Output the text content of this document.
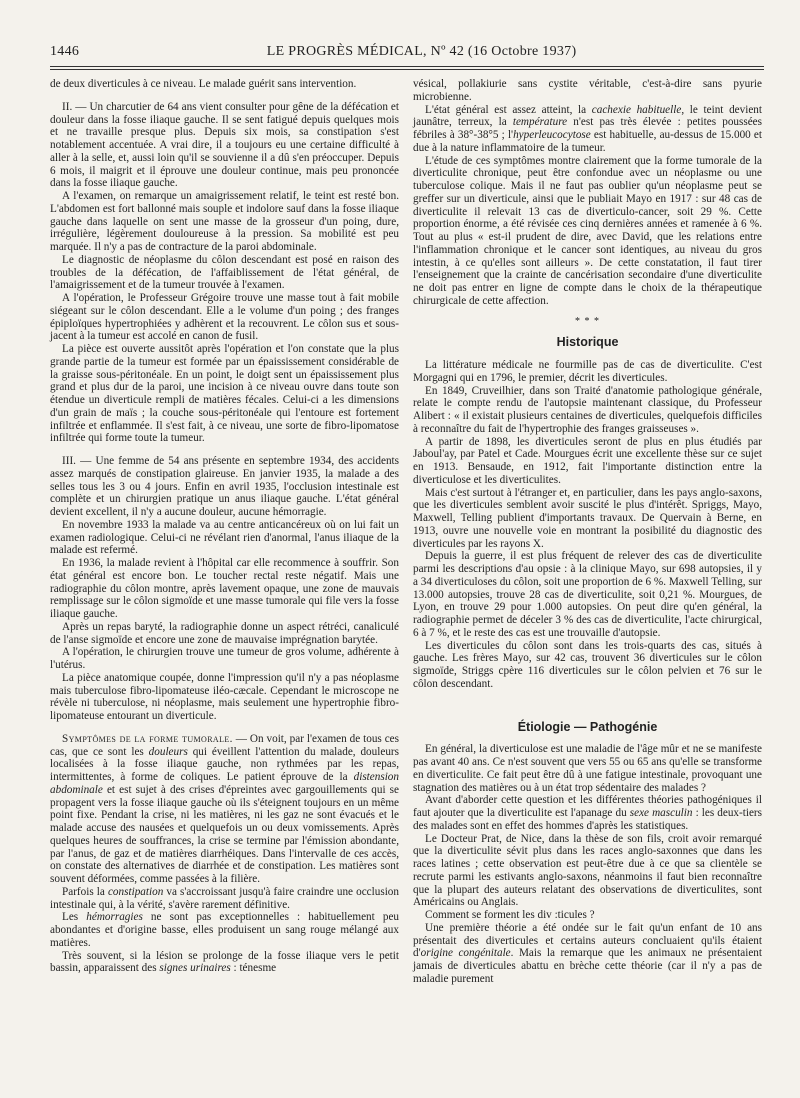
1446	LE PROGRÈS MÉDICAL, Nº 42 (16 Octobre 1937)

de deux diverticules à ce niveau. Le malade guérit sans intervention.

II. — Un charcutier de 64 ans vient consulter pour gêne de la défécation et douleur dans la fosse iliaque gauche. Il se sent fatigué depuis quelques mois et ne travaille presque plus. Depuis six mois, sa constipation s'est notablement accentuée. A vrai dire, il a toujours eu une certaine difficulté à aller à la selle, et, aussi loin qu'il se souvienne il a dû s'en préoccuper. Depuis 6 mois, il maigrit et il éprouve une douleur continue, mais peu prononcée dans la fosse iliaque gauche.

A l'examen, on remarque un amaigrissement relatif, le teint est resté bon. L'abdomen est fort ballonné mais souple et indolore sauf dans la fosse iliaque gauche dans laquelle on sent une masse de la grosseur d'un poing, dure, irrégulière, légèrement douloureuse à la pression. Sa mobilité est peu marquée. Il n'y a pas de contracture de la paroi abdominale.

Le diagnostic de néoplasme du côlon descendant est posé en raison des troubles de la défécation, de l'affaiblissement de l'état général, de l'amaigrissement et de la tumeur trouvée à l'examen.

A l'opération, le Professeur Grégoire trouve une masse tout à fait mobile siégeant sur le côlon descendant. Elle a le volume d'un poing ; des franges épiploïques hypertrophiées y adhèrent et la recouvrent. Le côlon sus et sous-jacent à la tumeur est accolé en canon de fusil.

La pièce est ouverte aussitôt après l'opération et l'on constate que la plus grande partie de la tumeur est formée par un épaississement considérable de la graisse sous-péritonéale. En un point, le doigt sent un épaississement plus grand et plus dur de la paroi, une incision à ce niveau ouvre dans toute son étendue un diverticule rempli de matières fécales. Celui-ci a les dimensions d'un grain de maïs ; la couche sous-péritonéale qui l'entoure est fortement infiltrée et enflammée. Il s'est fait, à ce niveau, une sorte de fibro-lipomatose infiltrée qui forme toute la tumeur.

III. — Une femme de 54 ans présente en septembre 1934, des accidents assez marqués de constipation glaireuse. En janvier 1935, la malade a des selles tous les 3 ou 4 jours. Enfin en avril 1935, l'occlusion intestinale est complète et un chirurgien pratique un anus iliaque gauche. L'état général devient excellent, il n'y a aucune douleur, aucune hémorragie.

En novembre 1933 la malade va au centre anticancéreux où on lui fait un examen radiologique. Celui-ci ne révélant rien d'anormal, l'anus iliaque de la malade est refermé.

En 1936, la malade revient à l'hôpital car elle recommence à souffrir. Son état général est encore bon. Le toucher rectal reste négatif. Mais une radiographie du côlon montre, après lavement opaque, une zone de mauvais remplissage sur le côlon sigmoïde et une masse tumorale qui file vers la fosse iliaque gauche.

Après un repas baryté, la radiographie donne un aspect rétréci, canaliculé de l'anse sigmoïde et encore une zone de mauvaise imprégnation barytée.

A l'opération, le chirurgien trouve une tumeur de gros volume, adhérente à l'utérus.

La pièce anatomique coupée, donne l'impression qu'il n'y a pas néoplasme mais tuberculose fibro-lipomateuse iléo-cæcale. Cependant le microscope ne révèle ni tuberculose, ni néoplasme, mais seulement une hypertrophie fibro-lipomateuse entourant un diverticule.

Symptômes de la forme tumorale. — On voit, par l'examen de tous ces cas, que ce sont les douleurs qui éveillent l'attention du malade, douleurs localisées à la fosse iliaque gauche, non rythmées par les repas, intermittentes, à forme de coliques. Le patient éprouve de la distension abdominale et est sujet à des crises d'épreintes avec gargouillements qui se propagent vers la fosse iliaque gauche où ils s'éteignent toujours en un même point fixe. Pendant la crise, ni les matières, ni les gaz ne sont évacués et le malade accuse des nausées et quelquefois un ou deux vomissements. Après quelques heures de souffrances, la crise se termine par l'émission abondante, par l'anus, de gaz et de matières diarrhéiques. Dans l'intervalle de ces accès, on constate des alternatives de diarrhée et de constipation. Les matières sont souvent déformées, comme passées à la filière.

Parfois la constipation va s'accroissant jusqu'à faire craindre une occlusion intestinale qui, à la vérité, s'avère rarement définitive.

Les hémorragies ne sont pas exceptionnelles : habituellement peu abondantes et d'origine basse, elles produisent un sang rouge mélangé aux matières.

Très souvent, si la lésion se prolonge de la fosse iliaque vers le petit bassin, apparaissent des signes urinaires : ténesme

vésical, pollakiurie sans cystite véritable, c'est-à-dire sans pyurie microbienne.

L'état général est assez atteint, la cachexie habituelle, le teint devient jaunâtre, terreux, la température n'est pas très élevée : petites poussées fébriles à 38°-38°5 ; l'hyperleucocytose est habituelle, au-dessus de 15.000 et due à la nature inflammatoire de la tumeur.

L'étude de ces symptômes montre clairement que la forme tumorale de la diverticulite chronique, peut être confondue avec un néoplasme ou une tuberculose colique. Mais il ne faut pas oublier qu'un néoplasme peut se greffer sur un diverticule, ainsi que le publiait Mayo en 1917 : sur 48 cas de diverticulite il relevait 13 cas de diverticulo-cancer, soit 29 %. Cette proportion énorme, a été révisée ces cinq dernières années et ramenée à 6 %. Tout au plus « est-il prudent de dire, avec David, que les relations entre l'inflammation chronique et le cancer sont identiques, au niveau du gros intestin, à ce qu'elles sont ailleurs ». De cette constatation, il faut tirer l'enseignement que la crainte de cancérisation secondaire d'une diverticulite ne doit pas entrer en ligne de compte dans le choix de la thérapeutique chirurgicale de cette affection.

* * *
Historique

La littérature médicale ne fourmille pas de cas de diverticulite. C'est Morgagni qui en 1796, le premier, décrit les diverticules.

En 1849, Cruveilhier, dans son Traité d'anatomie pathologique générale, relate le compte rendu de l'autopsie maintenant classique, du Professeur Alibert : « il existait plusieurs centaines de diverticules, quelquefois difficiles à reconnaître du fait de l'hypertrophie des franges graisseuses ».

A partir de 1898, les diverticules seront de plus en plus étudiés par Jaboul'ay, par Patel et Cade. Mourgues écrit une excellente thèse sur ce sujet en 1913. Bensaude, en 1912, fait l'importante distinction entre la diverticulose et les diverticulites.

Mais c'est surtout à l'étranger et, en particulier, dans les pays anglo-saxons, que les diverticules semblent avoir suscité le plus d'intérêt. Spriggs, Mayo, Maxwell, Telling publient d'importants travaux. De Quervain à Berne, en 1913, ouvre une nouvelle voie en montrant la posibilité du diagnostic des diverticules par les rayons X.

Depuis la guerre, il est plus fréquent de relever des cas de diverticulite parmi les descriptions d'au opsie : à la clinique Mayo, sur 698 autopsies, il y a 34 diverticuloses du côlon, soit une proportion de 6 %. Maxwell Telling, sur 13.000 autopsies, trouve 28 cas de diverticulite, soit 0,21 %. Mourgues, de Lyon, en trouve 29 pour 1.000 autopsies. On peut dire qu'en général, la radiographie permet de déceler 3 % des cas de diverticulite, l'acte chirurgical, 6 à 7 %, et le reste des cas est une trouvaille d'autopsie.

Les diverticules du côlon sont dans les trois-quarts des cas, situés à gauche. Les frères Mayo, sur 42 cas, trouvent 36 diverticules sur le côlon sigmoïde, Striggs cpère 116 diverticules sur le côlon pelvien et 76 sur le côlon descendant.

Étiologie — Pathogénie

En général, la diverticulose est une maladie de l'âge mûr et ne se manifeste pas avant 40 ans. Ce n'est souvent que vers 55 ou 65 ans qu'elle se transforme en diverticulite. Ce fait peut être dû à une fatigue intestinale, provoquant une stagnation des matières ou à un état trop sédentaire des malades ?

Avant d'aborder cette question et les différentes théories pathogéniques il faut ajouter que la diverticulite est l'apanage du sexe masculin : les deux-tiers des malades sont en effet des hommes d'après les statistiques.

Le Docteur Prat, de Nice, dans la thèse de son fils, croit avoir remarqué que la diverticulite sévit plus dans les races anglo-saxonnes que dans les races latines ; cette observation est peut-être due à ce que sa clientèle se recrute parmi les estivants anglo-saxons, néanmoins il faut bien reconnaître que la plupart des auteurs relatant des observations de diverticulites, sont Américains ou Anglais.

Comment se forment les div :ticules ?

Une première théorie a été ondée sur le fait qu'un enfant de 10 ans présentait des diverticules et certains auteurs concluaient qu'ils étaient d'origine congénitale. Mais la remarque que les animaux ne présentaient jamais de diverticules abattu en brèche cette théorie (car il n'y a pas de maladie purement
